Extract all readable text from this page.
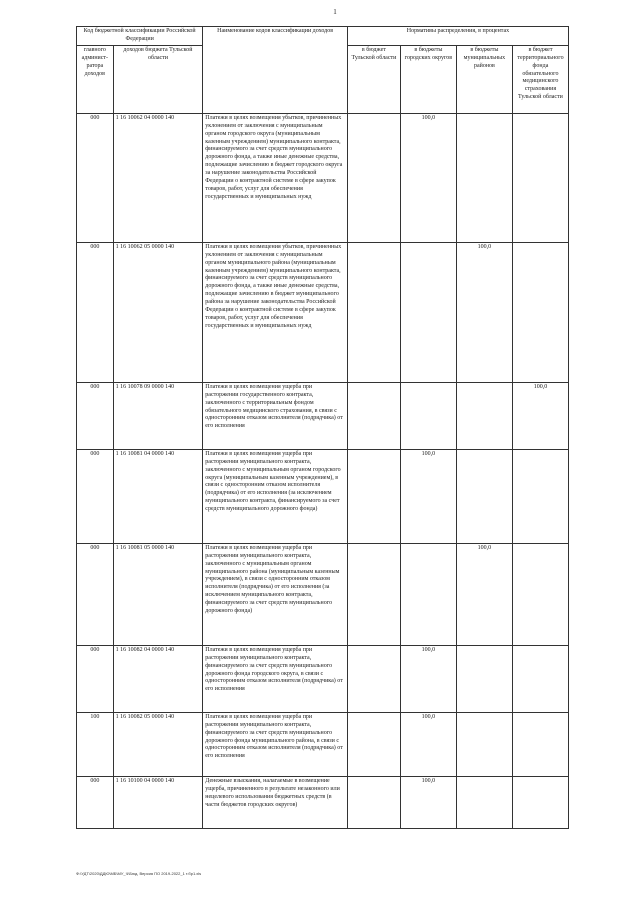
1
Код бюджетной классификации Российской Федерации		Наименование кодов классификации доходов	Нормативы распределения, в процентах			
главного админист-ратора доходов	доходов бюджета Тульской области		в бюджет Тульской области	в бюджеты городских округов	в бюджеты муниципальных районов	в бюджет территориального фонда обязательного медицинского страхования Тульской области
000	1 16 10062 04 0000 140	Платежи в целях возмещения убытков, причиненных уклонением от заключения с муниципальным органом городского округа (муниципальным казенным учреждением) муниципального контракта, финансируемого за счет средств муниципального дорожного фонда, а также иные денежные средства, подлежащие зачислению в бюджет городского округа за нарушение законодательства Российской Федерации о контрактной системе в сфере закупок товаров, работ, услуг для обеспечения государственных и муниципальных нужд		100,0		
000	1 16 10062 05 0000 140	Платежи в целях возмещения убытков, причиненных уклонением от заключения с муниципальным органом муниципального района (муниципальным казенным учреждением) муниципального контракта, финансируемого за счет средств муниципального дорожного фонда, а также иные денежные средства, подлежащие зачислению в бюджет муниципального района за нарушение законодательства Российской Федерации о контрактной системе в сфере закупок товаров, работ, услуг для обеспечения государственных и муниципальных нужд			100,0	
000	1 16 10078 09 0000 140	Платежи в целях возмещения ущерба при расторжении государственного контракта, заключенного с территориальным фондом обязательного медицинского страхования, в связи с односторонним отказом исполнителя (подрядчика) от его исполнения				100,0
000	1 16 10081 04 0000 140	Платежи в целях возмещения ущерба при расторжении муниципального контракта, заключенного с муниципальным органом городского округа (муниципальным казенным учреждением), в связи с односторонним отказом исполнителя (подрядчика) от его исполнения (за исключением муниципального контракта, финансируемого за счет средств муниципального дорожного фонда)		100,0		
000	1 16 10081 05 0000 140	Платежи в целях возмещения ущерба при расторжении муниципального контракта, заключенного с муниципальным органом муниципального района (муниципальным казенным учреждением), в связи с односторонним отказом исполнителя (подрядчика) от его исполнения (за исключением муниципального контракта, финансируемого за счет средств муниципального дорожного фонда)			100,0	
000	1 16 10082 04 0000 140	Платежи в целях возмещения ущерба при расторжении муниципального контракта, финансируемого за счет средств муниципального дорожного фонда городского округа, в связи с односторонним отказом исполнителя (подрядчика) от его исполнения		100,0		
100	1 16 10082 05 0000 140	Платежи в целях возмещения ущерба при расторжении муниципального контракта, финансируемого за счет средств муниципального дорожного фонда муниципального района, в связи с односторонним отказом исполнителя (подрядчика) от его исполнения		100,0		
000	1 16 10100 04 0000 140	Денежные взыскания, налагаемые в возмещение ущерба, причиненного в результате незаконного или нецелевого использования бюджетных средств (в части бюджетов городских округов)		100,0		
Ф:\УДТ\2020\ДДЮ\МБ\МУ_Ч\Бюд. Версия ПО 2019-2022_1 т.бр1.xls
